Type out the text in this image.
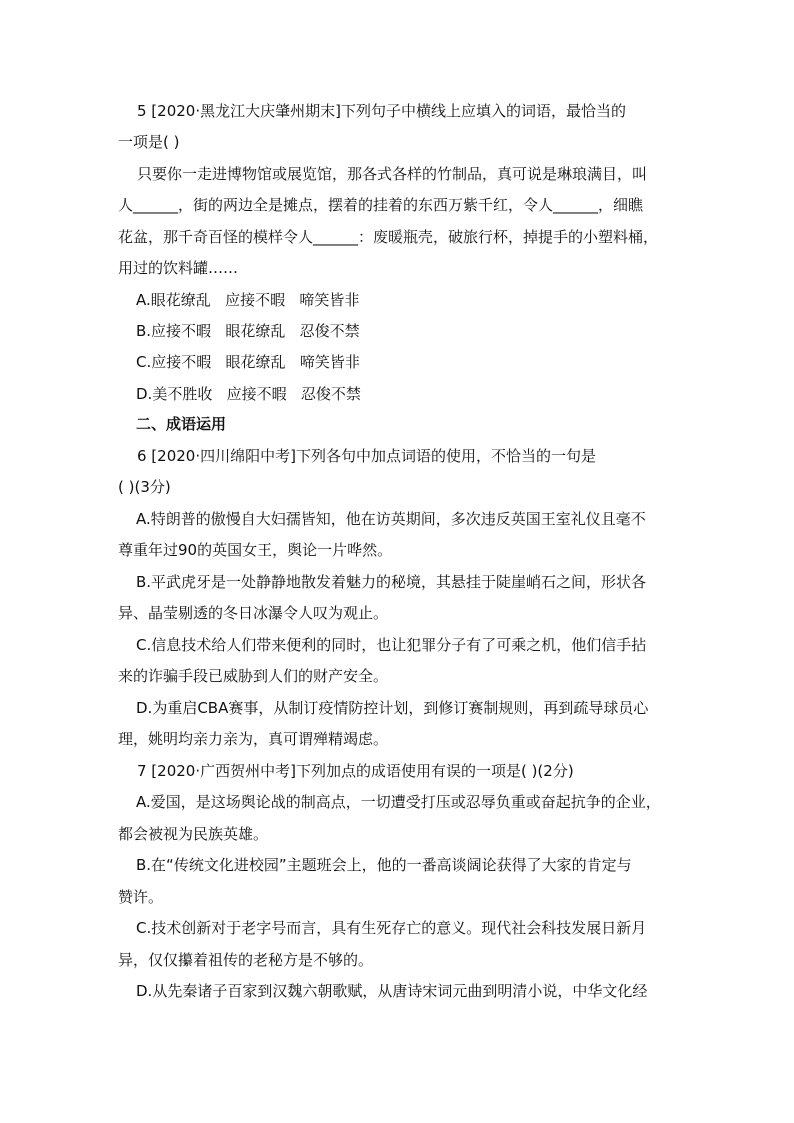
5 [2020·黑龙江大庆肇州期末]下列句子中横线上应填入的词语，最恰当的
一项是( )
只要你一走进博物馆或展览馆，那各式各样的竹制品，真可说是琳琅满目，叫
人______，街的两边全是摊点，摆着的挂着的东西万紫千红，令人______，细瞧
花盆，那千奇百怪的模样令人______：废暖瓶壳，破旅行杯，掉提手的小塑料桶，
用过的饮料罐……
A.眼花缭乱   应接不暇   啼笑皆非
B.应接不暇   眼花缭乱   忍俊不禁
C.应接不暇   眼花缭乱   啼笑皆非
D.美不胜收   应接不暇   忍俊不禁
二、成语运用
6 [2020·四川绵阳中考]下列各句中加点词语的使用，不恰当的一句是
( )(3分)
A.特朗普的傲慢自大妇孺皆知，他在访英期间，多次违反英国王室礼仪且毫不
尊重年过90的英国女王，舆论一片哗然。
B.平武虎牙是一处静静地散发着魅力的秘境，其悬挂于陡崖峭石之间，形状各
异、晶莹剔透的冬日冰瀑令人叹为观止。
C.信息技术给人们带来便利的同时，也让犯罪分子有了可乘之机，他们信手拈
来的诈骗手段已威胁到人们的财产安全。
D.为重启CBA赛事，从制订疫情防控计划，到修订赛制规则，再到疏导球员心
理，姚明均亲力亲为，真可谓殚精竭虑。
7 [2020·广西贺州中考]下列加点的成语使用有误的一项是( )(2分)
A.爱国，是这场舆论战的制高点，一切遭受打压或忍辱负重或奋起抗争的企业，
都会被视为民族英雄。
B.在“传统文化进校园”主题班会上，他的一番高谈阔论获得了大家的肯定与
赞许。
C.技术创新对于老字号而言，具有生死存亡的意义。现代社会科技发展日新月
异，仅仅攥着祖传的老秘方是不够的。
D.从先秦诸子百家到汉魏六朝歌赋，从唐诗宋词元曲到明清小说，中华文化经
